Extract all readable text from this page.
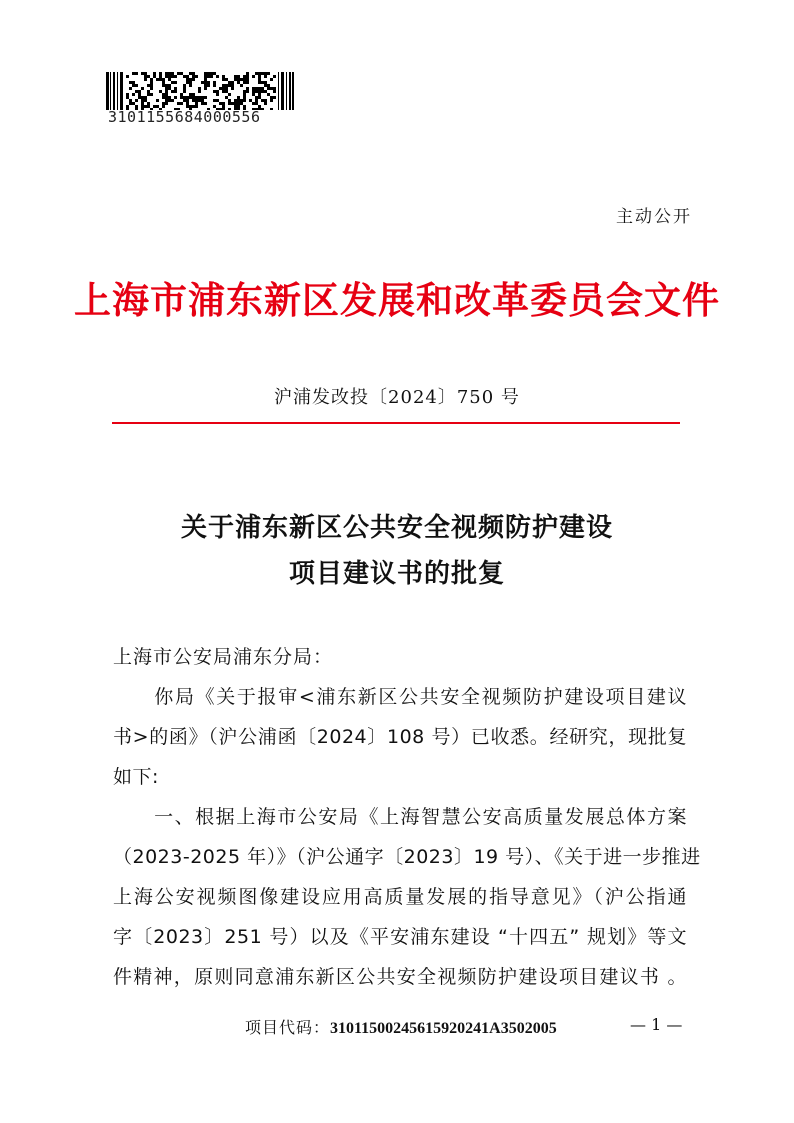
3101155684000556
主动公开
上海市浦东新区发展和改革委员会文件
沪浦发改投〔2024〕750 号
关于浦东新区公共安全视频防护建设
项目建议书的批复
上海市公安局浦东分局：
　　你局《关于报审<浦东新区公共安全视频防护建设项目建议
书>的函》（沪公浦函〔2024〕108 号）已收悉。经研究，现批复
如下:
　　一、根据上海市公安局《上海智慧公安高质量发展总体方案
（2023-2025 年）》（沪公通字〔2023〕19 号）、《关于进一步推进
上海公安视频图像建设应用高质量发展的指导意见》（沪公指通
字〔2023〕251 号）以及《平安浦东建设 “十四五” 规划》等文
件精神，原则同意浦东新区公共安全视频防护建设项目建议书 。
项目代码：31011500245615920241A3502005	— 1 —
